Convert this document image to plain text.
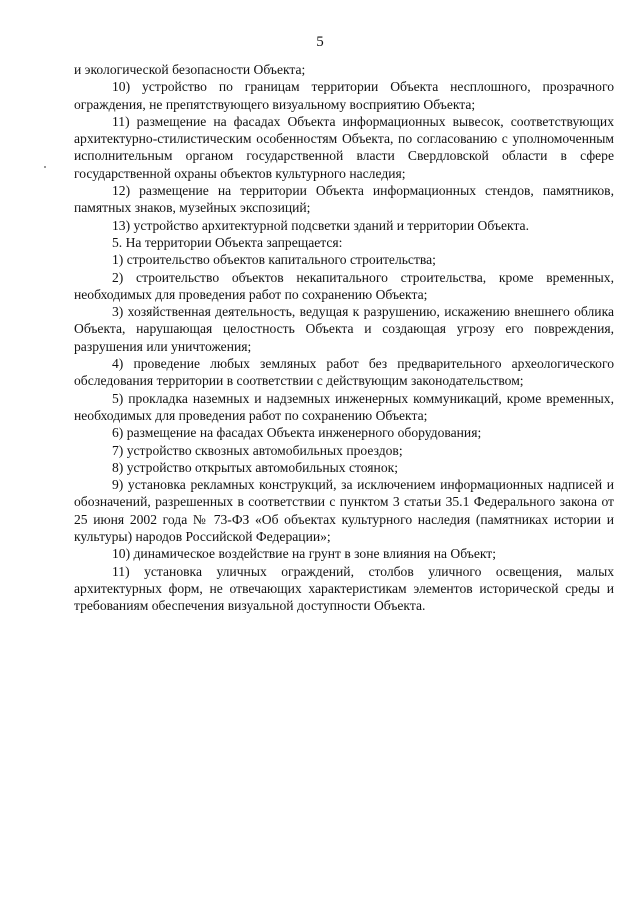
5

и экологической безопасности Объекта;

10) устройство по границам территории Объекта несплошного, прозрачного ограждения, не препятствующего визуальному восприятию Объекта;

11) размещение на фасадах Объекта информационных вывесок, соответствующих архитектурно-стилистическим особенностям Объекта, по согласованию с уполномоченным исполнительным органом государственной власти Свердловской области в сфере государственной охраны объектов культурного наследия;

12) размещение на территории Объекта информационных стендов, памятников, памятных знаков, музейных экспозиций;

13) устройство архитектурной подсветки зданий и территории Объекта.

5. На территории Объекта запрещается:

1) строительство объектов капитального строительства;

2) строительство объектов некапитального строительства, кроме временных, необходимых для проведения работ по сохранению Объекта;

3) хозяйственная деятельность, ведущая к разрушению, искажению внешнего облика Объекта, нарушающая целостность Объекта и создающая угрозу его повреждения, разрушения или уничтожения;

4) проведение любых земляных работ без предварительного археологического обследования территории в соответствии с действующим законодательством;

5) прокладка наземных и надземных инженерных коммуникаций, кроме временных, необходимых для проведения работ по сохранению Объекта;

6) размещение на фасадах Объекта инженерного оборудования;

7) устройство сквозных автомобильных проездов;

8) устройство открытых автомобильных стоянок;

9) установка рекламных конструкций, за исключением информационных надписей и обозначений, разрешенных в соответствии с пунктом 3 статьи 35.1 Федерального закона от 25 июня 2002 года № 73-ФЗ «Об объектах культурного наследия (памятниках истории и культуры) народов Российской Федерации»;

10) динамическое воздействие на грунт в зоне влияния на Объект;

11) установка уличных ограждений, столбов уличного освещения, малых архитектурных форм, не отвечающих характеристикам элементов исторической среды и требованиям обеспечения визуальной доступности Объекта.
